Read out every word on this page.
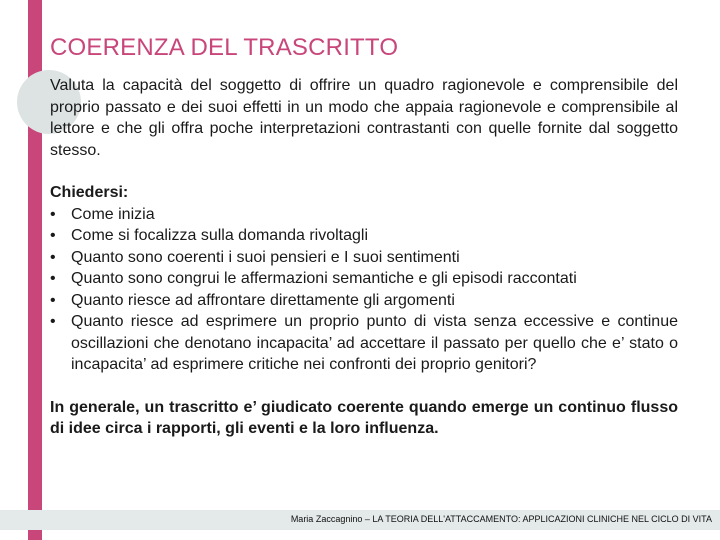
COERENZA DEL TRASCRITTO

Valuta la capacità del soggetto di offrire un quadro ragionevole e comprensibile del proprio passato e dei suoi effetti in un modo che appaia ragionevole e comprensibile al lettore e che gli offra poche interpretazioni contrastanti con quelle fornite dal soggetto stesso.

Chiedersi:

• Come inizia
• Come si focalizza sulla domanda rivoltagli
• Quanto sono coerenti i suoi pensieri e I suoi sentimenti
• Quanto sono congrui le affermazioni semantiche e gli episodi raccontati
• Quanto riesce ad affrontare direttamente gli argomenti
• Quanto riesce ad esprimere un proprio punto di vista senza eccessive e continue oscillazioni che denotano incapacita’ ad accettare il passato per quello che e’ stato o incapacita’ ad esprimere critiche nei confronti dei proprio genitori?

In generale, un trascritto e’ giudicato coerente quando emerge un continuo flusso di idee circa i rapporti, gli eventi e la loro influenza.

Maria Zaccagnino – LA TEORIA DELL'ATTACCAMENTO: APPLICAZIONI CLINICHE NEL CICLO DI VITA
